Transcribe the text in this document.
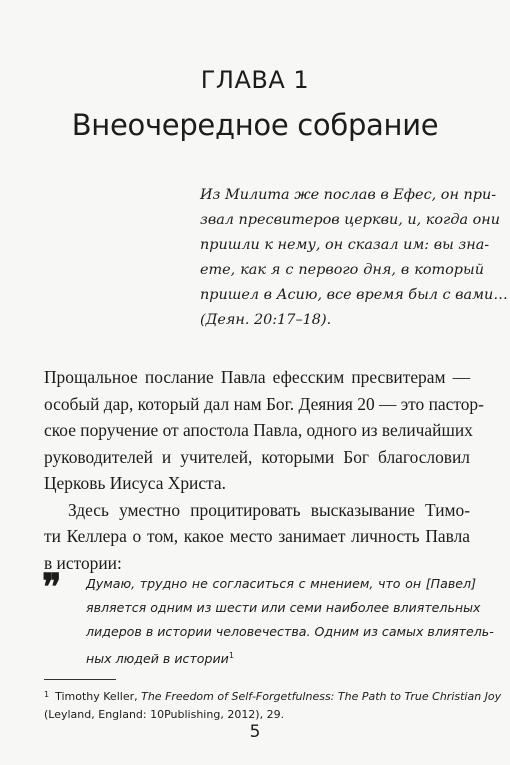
ГЛАВА 1
Внеочередное собрание
Из Милита же послав в Ефес, он при-
звал пресвитеров церкви, и, когда они
пришли к нему, он сказал им: вы зна-
ете, как я с первого дня, в который
пришел в Асию, все время был с вами…
(Деян. 20:17–18).
Прощальное послание Павла ефесским пресвитерам —
особый дар, который дал нам Бог. Деяния 20 — это пастор-
ское поручение от апостола Павла, одного из величайших
руководителей и учителей, которыми Бог благословил
Церковь Иисуса Христа.
Здесь уместно процитировать высказывание Тимо-
ти Келлера о том, какое место занимает личность Павла
в истории:
❞ Думаю, трудно не согласиться с мнением, что он [Павел]
является одним из шести или семи наиболее влиятельных
лидеров в истории человечества. Одним из самых влиятель-
ных людей в истории$^1$
$^1$ Timothy Keller, The Freedom of Self-Forgetfulness: The Path to True Christian Joy
(Leyland, England: 10Publishing, 2012), 29.
5
